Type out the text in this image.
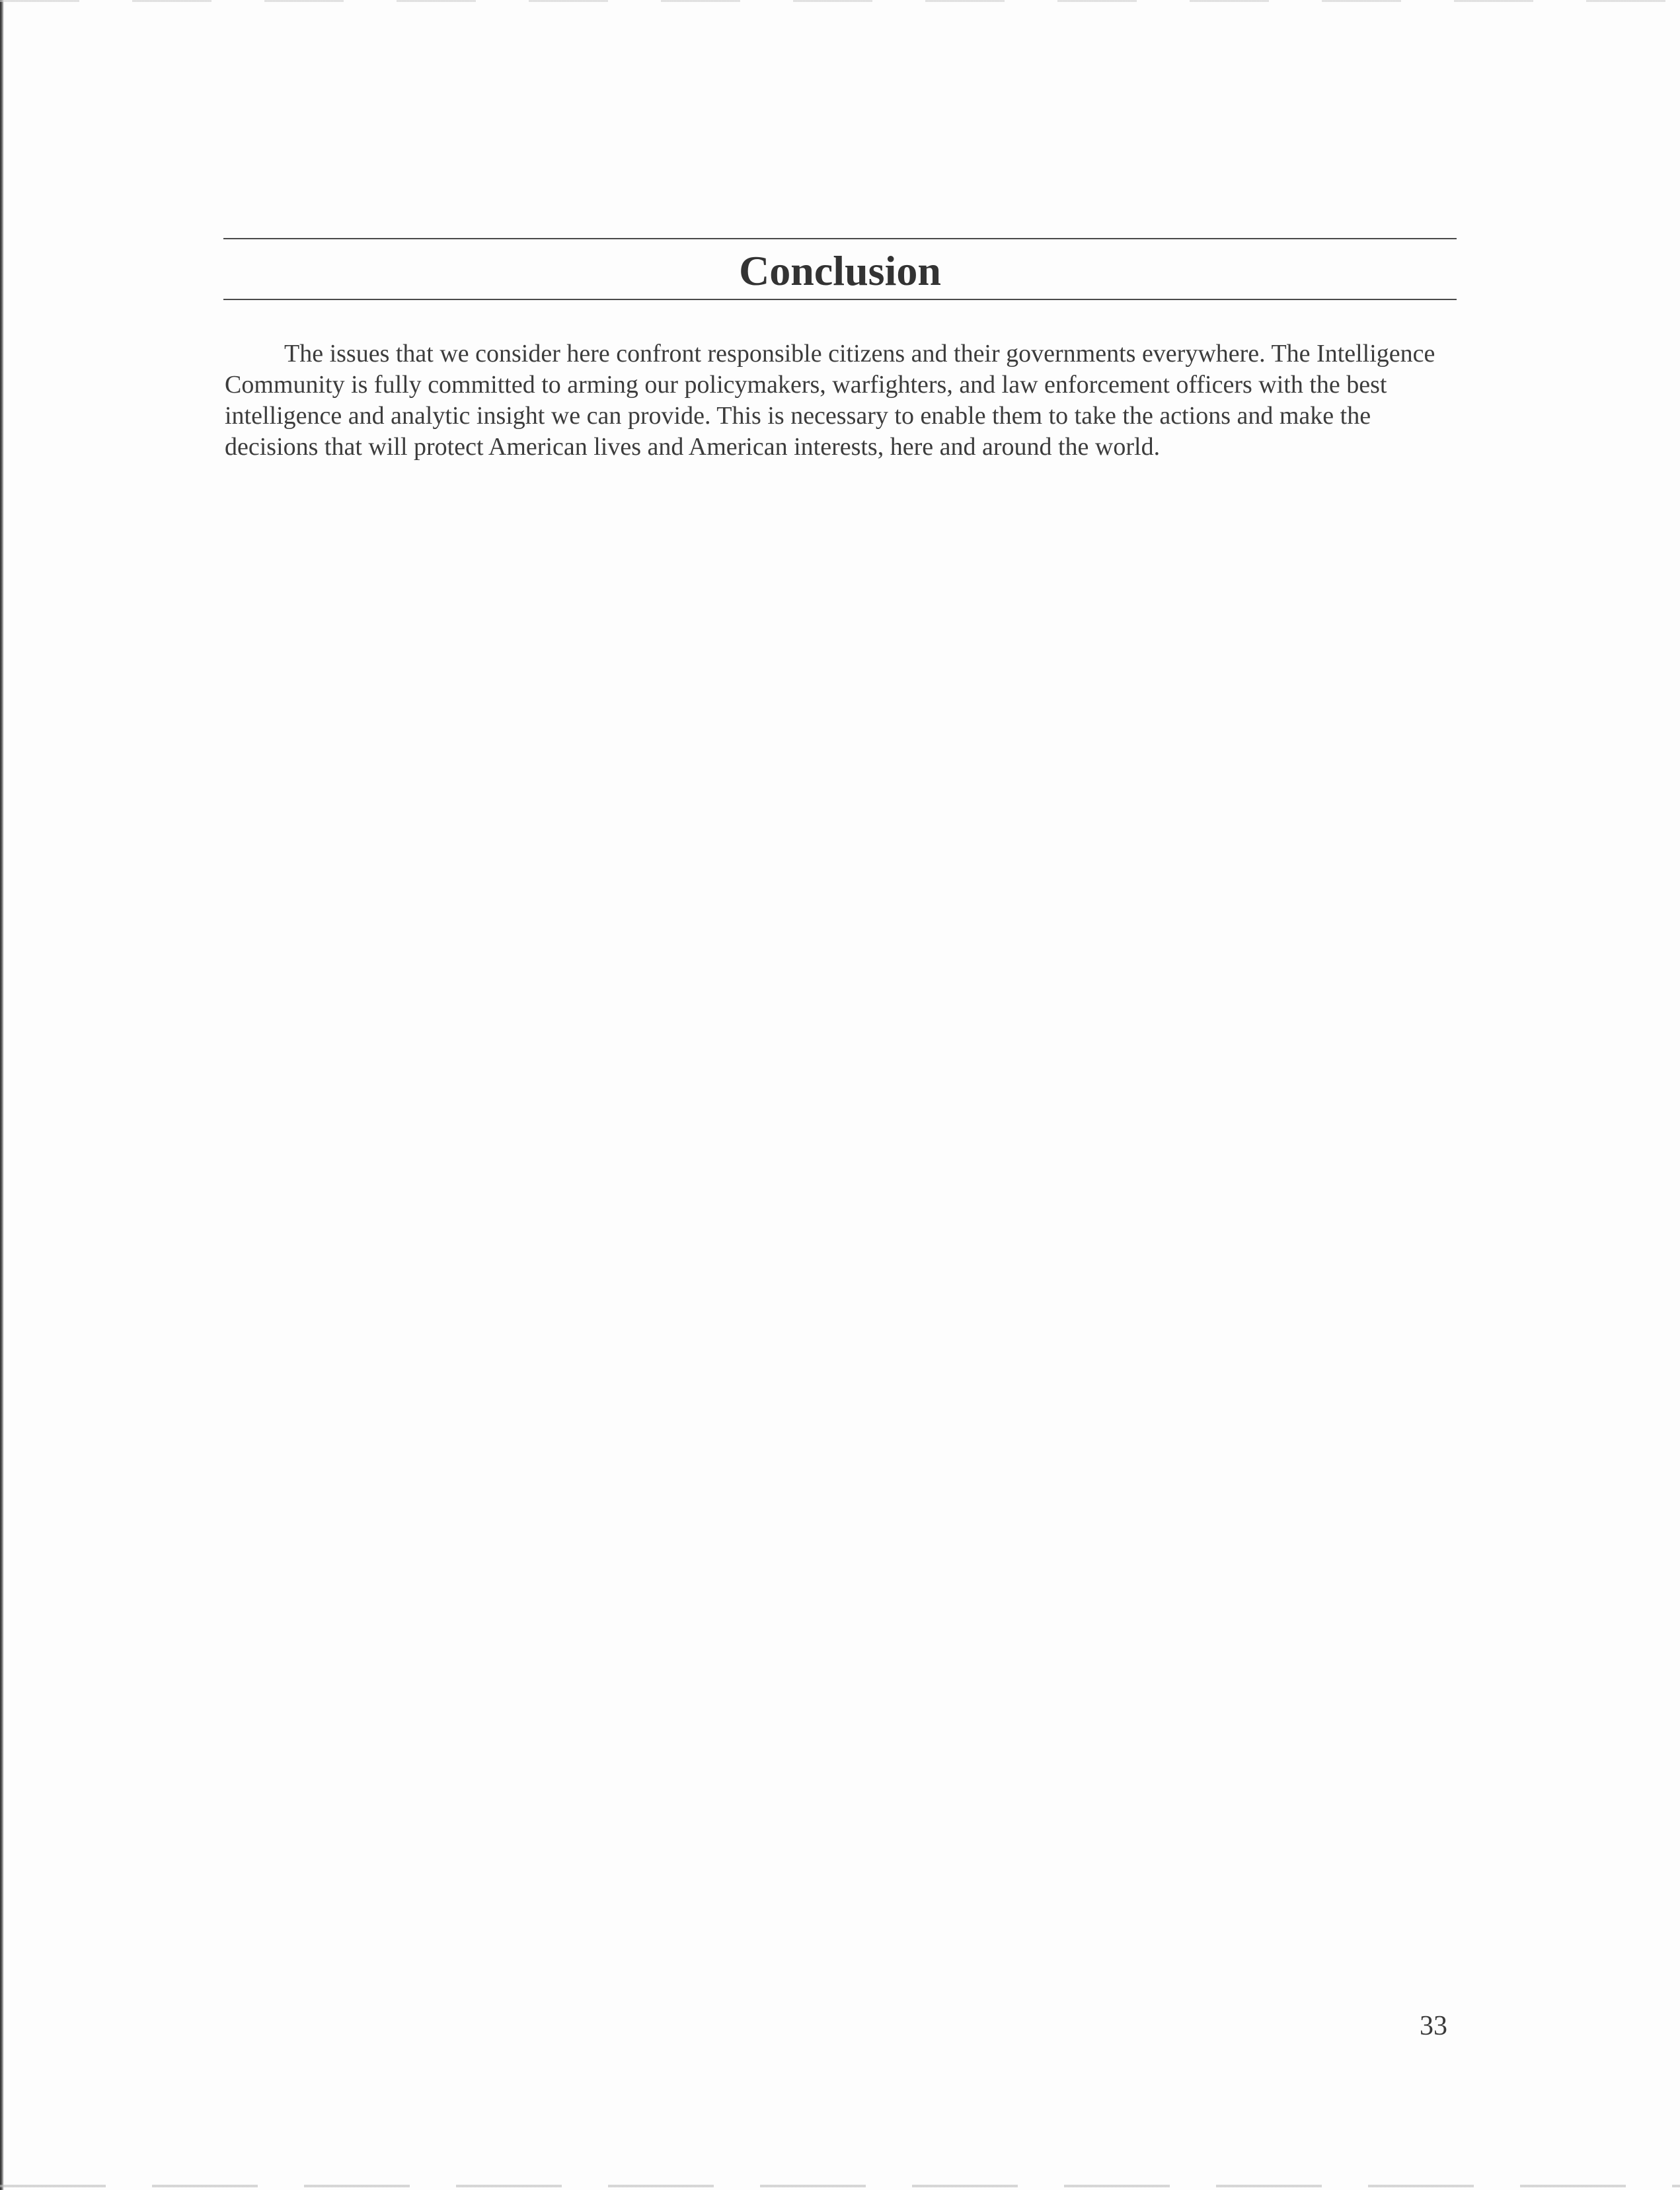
Conclusion

The issues that we consider here confront responsible citizens and their governments everywhere. The Intelligence Community is fully committed to arming our policymakers, warfighters, and law enforcement officers with the best intelligence and analytic insight we can provide. This is necessary to enable them to take the actions and make the decisions that will protect American lives and American interests, here and around the world.

33
